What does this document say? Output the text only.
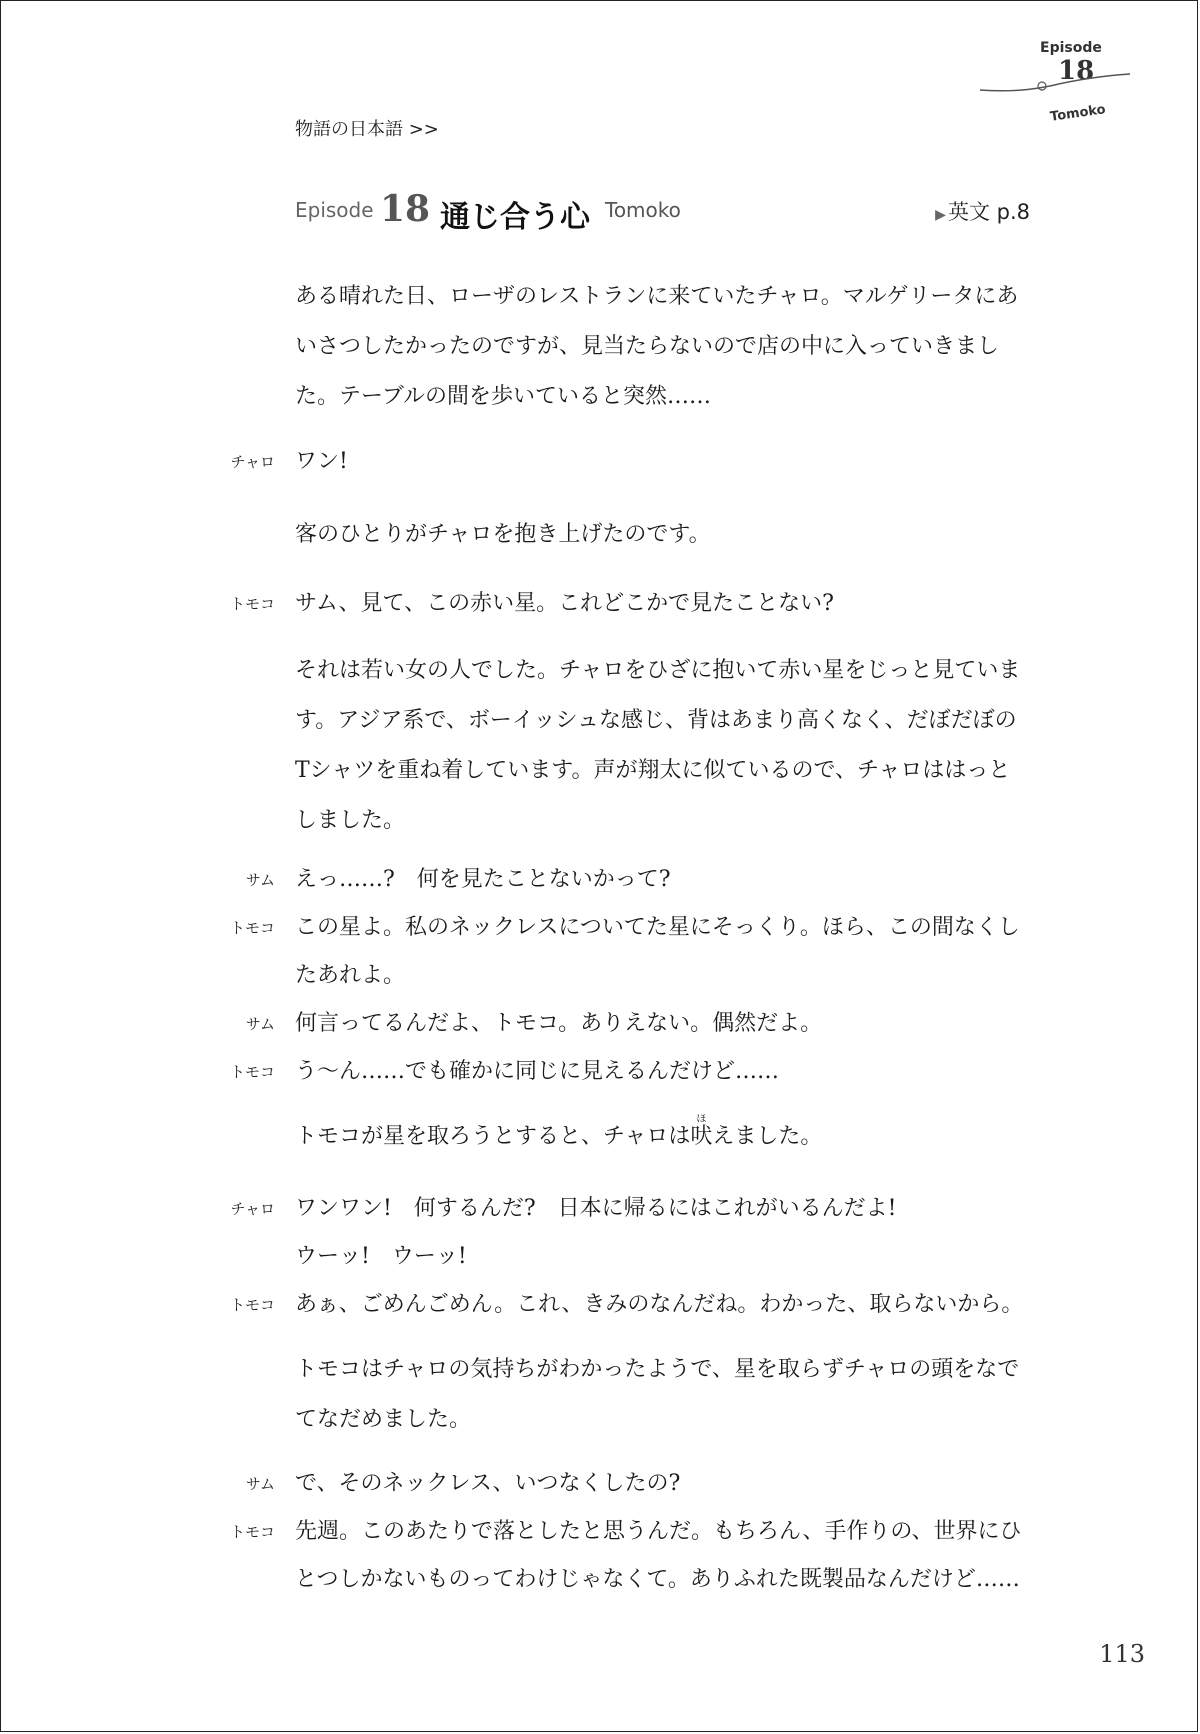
Episode
18
Tomoko
物語の日本語 >>
Episode 18 通じ合う心 Tomoko	▶英文 p.8
ある晴れた日、ローザのレストランに来ていたチャロ。マルゲリータにあいさつしたかったのですが、見当たらないので店の中に入っていきました。テーブルの間を歩いていると突然……
チャロ ワン!
客のひとりがチャロを抱き上げたのです。
トモコ サム、見て、この赤い星。これどこかで見たことない?
それは若い女の人でした。チャロをひざに抱いて赤い星をじっと見ています。アジア系で、ボーイッシュな感じ、背はあまり高くなく、だぼだぼのTシャツを重ね着しています。声が翔太に似ているので、チャロははっとしました。
サム えっ……?　何を見たことないかって?
トモコ この星よ。私のネックレスについてた星にそっくり。ほら、この間なくしたあれよ。
サム 何言ってるんだよ、トモコ。ありえない。偶然だよ。
トモコ う〜ん……でも確かに同じに見えるんだけど……
トモコが星を取ろうとすると、チャロは吠ほえました。
チャロ ワンワン!　何するんだ?　日本に帰るにはこれがいるんだよ!
ウーッ!　ウーッ!
トモコ あぁ、ごめんごめん。これ、きみのなんだね。わかった、取らないから。
トモコはチャロの気持ちがわかったようで、星を取らずチャロの頭をなでてなだめました。
サム で、そのネックレス、いつなくしたの?
トモコ 先週。このあたりで落としたと思うんだ。もちろん、手作りの、世界にひとつしかないものってわけじゃなくて。ありふれた既製品なんだけど……
113
